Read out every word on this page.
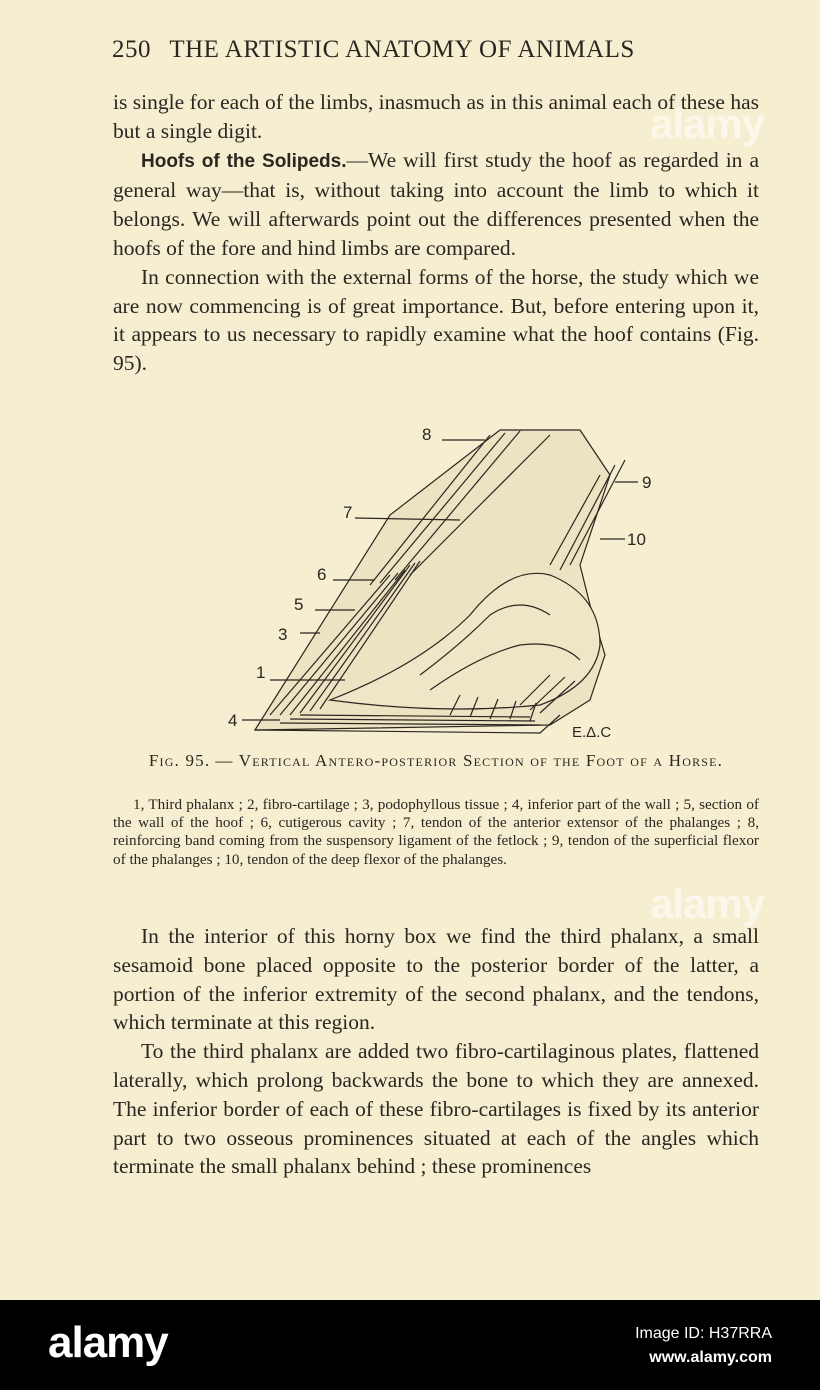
250 THE ARTISTIC ANATOMY OF ANIMALS

is single for each of the limbs, inasmuch as in this animal each of these has but a single digit.

Hoofs of the Solipeds.—We will first study the hoof as regarded in a general way—that is, without taking into account the limb to which it belongs. We will afterwards point out the differences presented when the hoofs of the fore and hind limbs are compared.

In connection with the external forms of the horse, the study which we are now commencing is of great importance. But, before entering upon it, it appears to us necessary to rapidly examine what the hoof contains (Fig. 95).

8
9
7
10
6
5
3
1
4
E.Δ.C
Fig. 95. — Vertical Antero-posterior Section of the Foot of a Horse.

1, Third phalanx ; 2, fibro-cartilage ; 3, podophyllous tissue ; 4, inferior part of the wall ; 5, section of the wall of the hoof ; 6, cutigerous cavity ; 7, tendon of the anterior extensor of the phalanges ; 8, reinforcing band coming from the suspensory ligament of the fetlock ; 9, tendon of the superficial flexor of the phalanges ; 10, tendon of the deep flexor of the phalanges.

In the interior of this horny box we find the third phalanx, a small sesamoid bone placed opposite to the posterior border of the latter, a portion of the inferior extremity of the second phalanx, and the tendons, which terminate at this region.

To the third phalanx are added two fibro-cartilaginous plates, flattened laterally, which prolong backwards the bone to which they are annexed. The inferior border of each of these fibro-cartilages is fixed by its anterior part to two osseous prominences situated at each of the angles which terminate the small phalanx behind ; these prominences

alamy
alamy
alamy	Image ID: H37RRA
www.alamy.com
